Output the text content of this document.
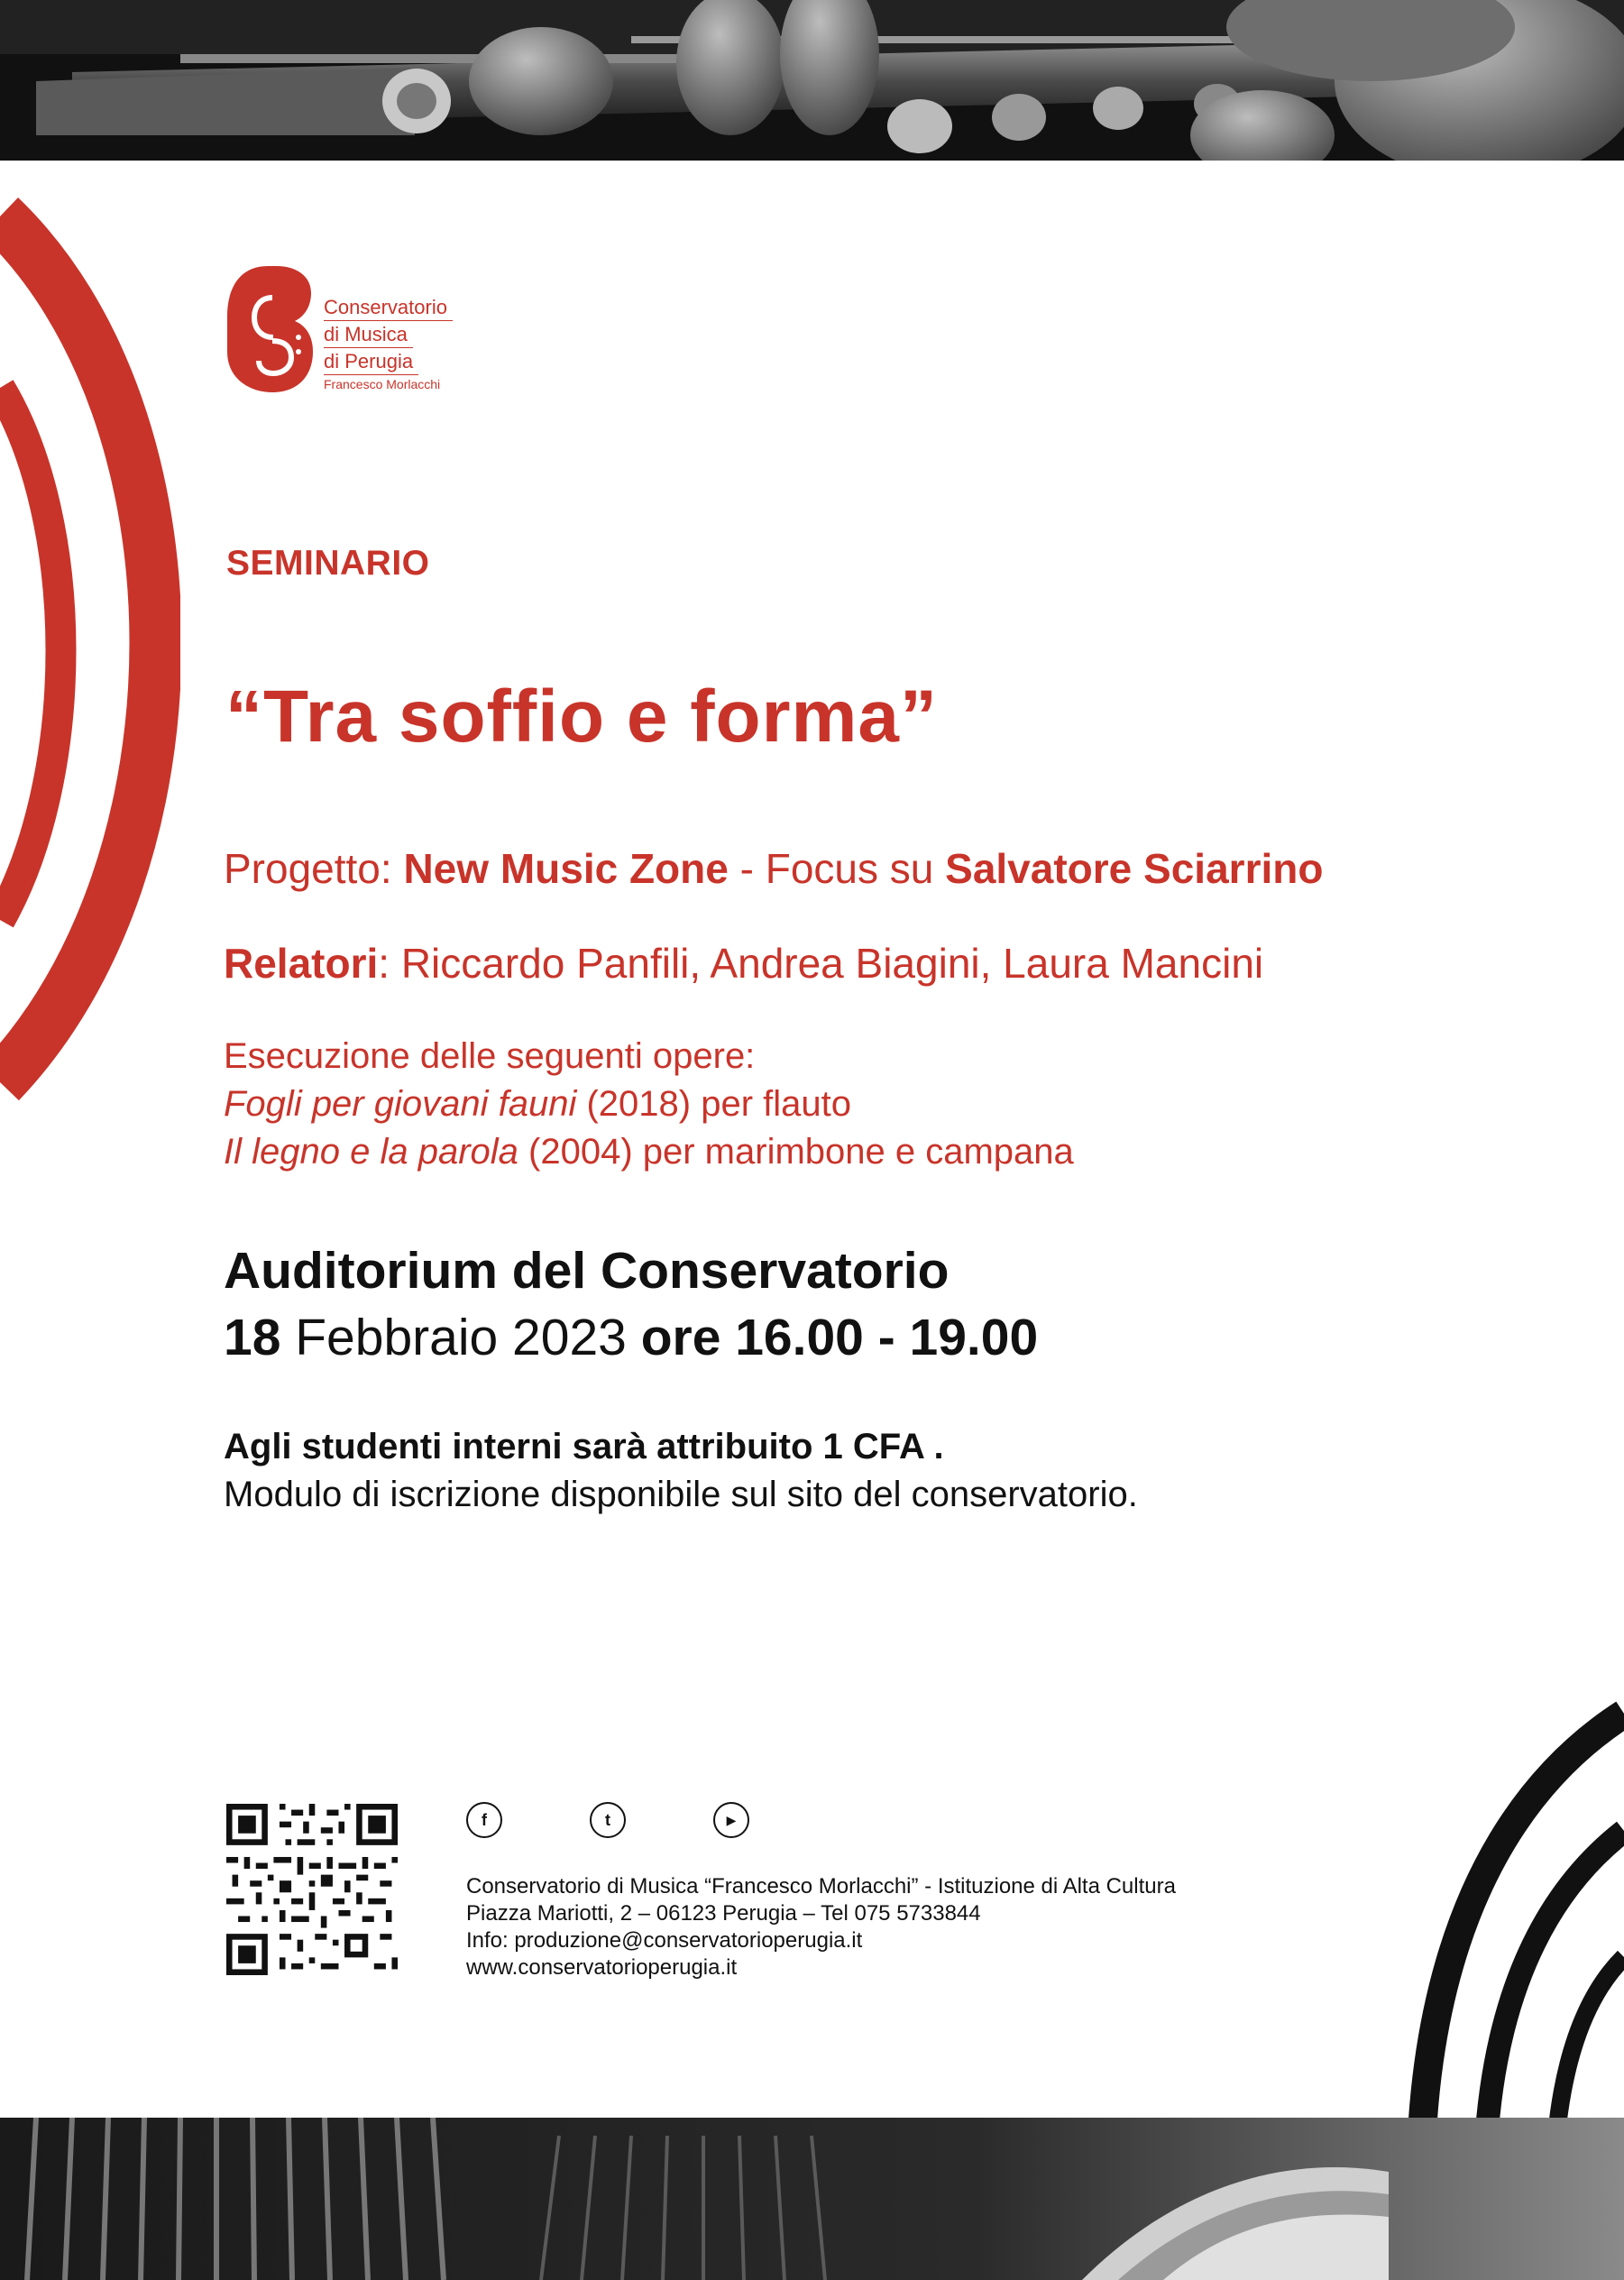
Conservatorio
di Musica
di Perugia
Francesco Morlacchi
SEMINARIO
“Tra soffio e forma”
Progetto: New Music Zone - Focus su Salvatore Sciarrino
Relatori: Riccardo Panfili, Andrea Biagini, Laura Mancini
Esecuzione delle seguenti opere:
Fogli per giovani fauni (2018) per flauto
Il legno e la parola (2004) per marimbone e campana
Auditorium del Conservatorio
18 Febbraio 2023 ore 16.00 - 19.00
Agli studenti interni sarà attribuito 1 CFA .
Modulo di iscrizione disponibile sul sito del conservatorio.
f	t	▶
Conservatorio di Musica “Francesco Morlacchi” - Istituzione di Alta Cultura
Piazza Mariotti, 2 – 06123 Perugia – Tel 075 5733844
Info: produzione@conservatorioperugia.it
www.conservatorioperugia.it
